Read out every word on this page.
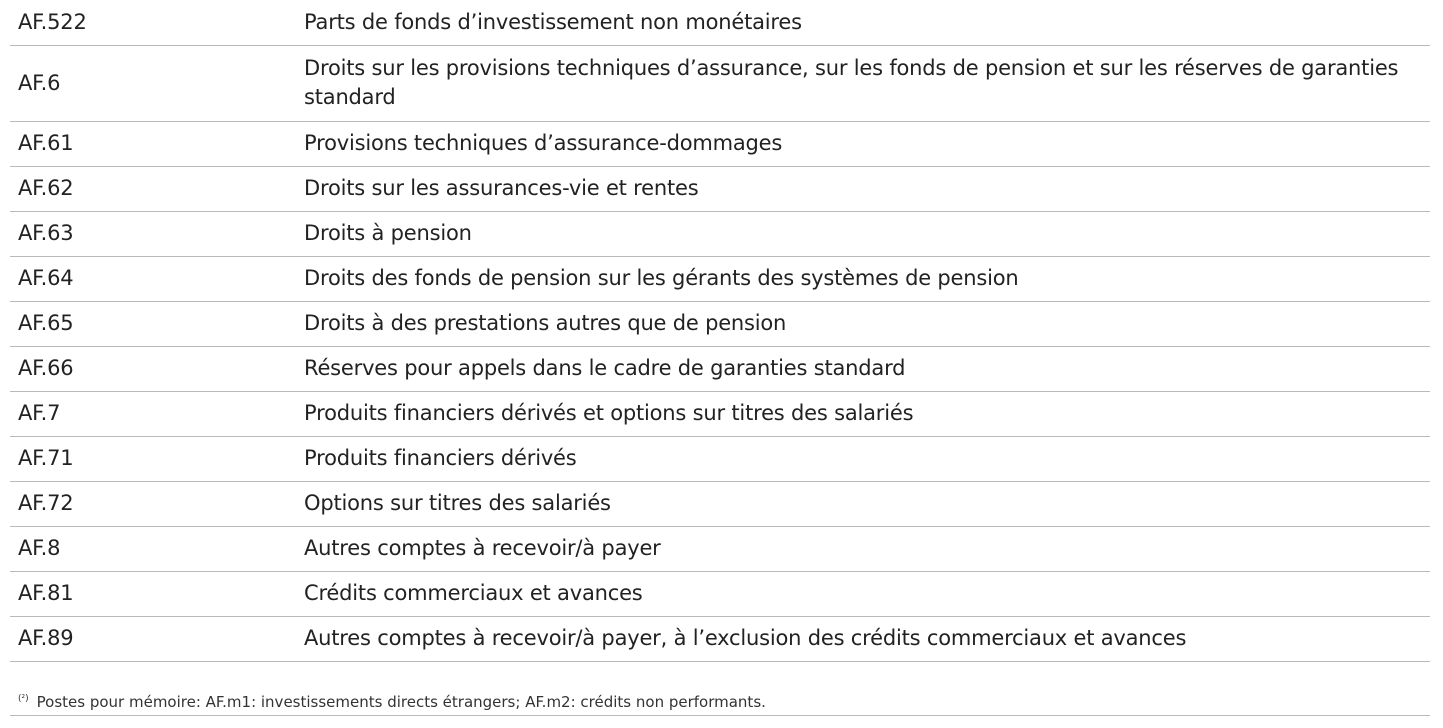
AF.522	Parts de fonds d’investissement non monétaires
AF.6	Droits sur les provisions techniques d’assurance, sur les fonds de pension et sur les réserves de garanties standard
AF.61	Provisions techniques d’assurance-dommages
AF.62	Droits sur les assurances-vie et rentes
AF.63	Droits à pension
AF.64	Droits des fonds de pension sur les gérants des systèmes de pension
AF.65	Droits à des prestations autres que de pension
AF.66	Réserves pour appels dans le cadre de garanties standard
AF.7	Produits financiers dérivés et options sur titres des salariés
AF.71	Produits financiers dérivés
AF.72	Options sur titres des salariés
AF.8	Autres comptes à recevoir/à payer
AF.81	Crédits commerciaux et avances
AF.89	Autres comptes à recevoir/à payer, à l’exclusion des crédits commerciaux et avances
$^{(^2)}$ Postes pour mémoire: AF.m1: investissements directs étrangers; AF.m2: crédits non performants.
